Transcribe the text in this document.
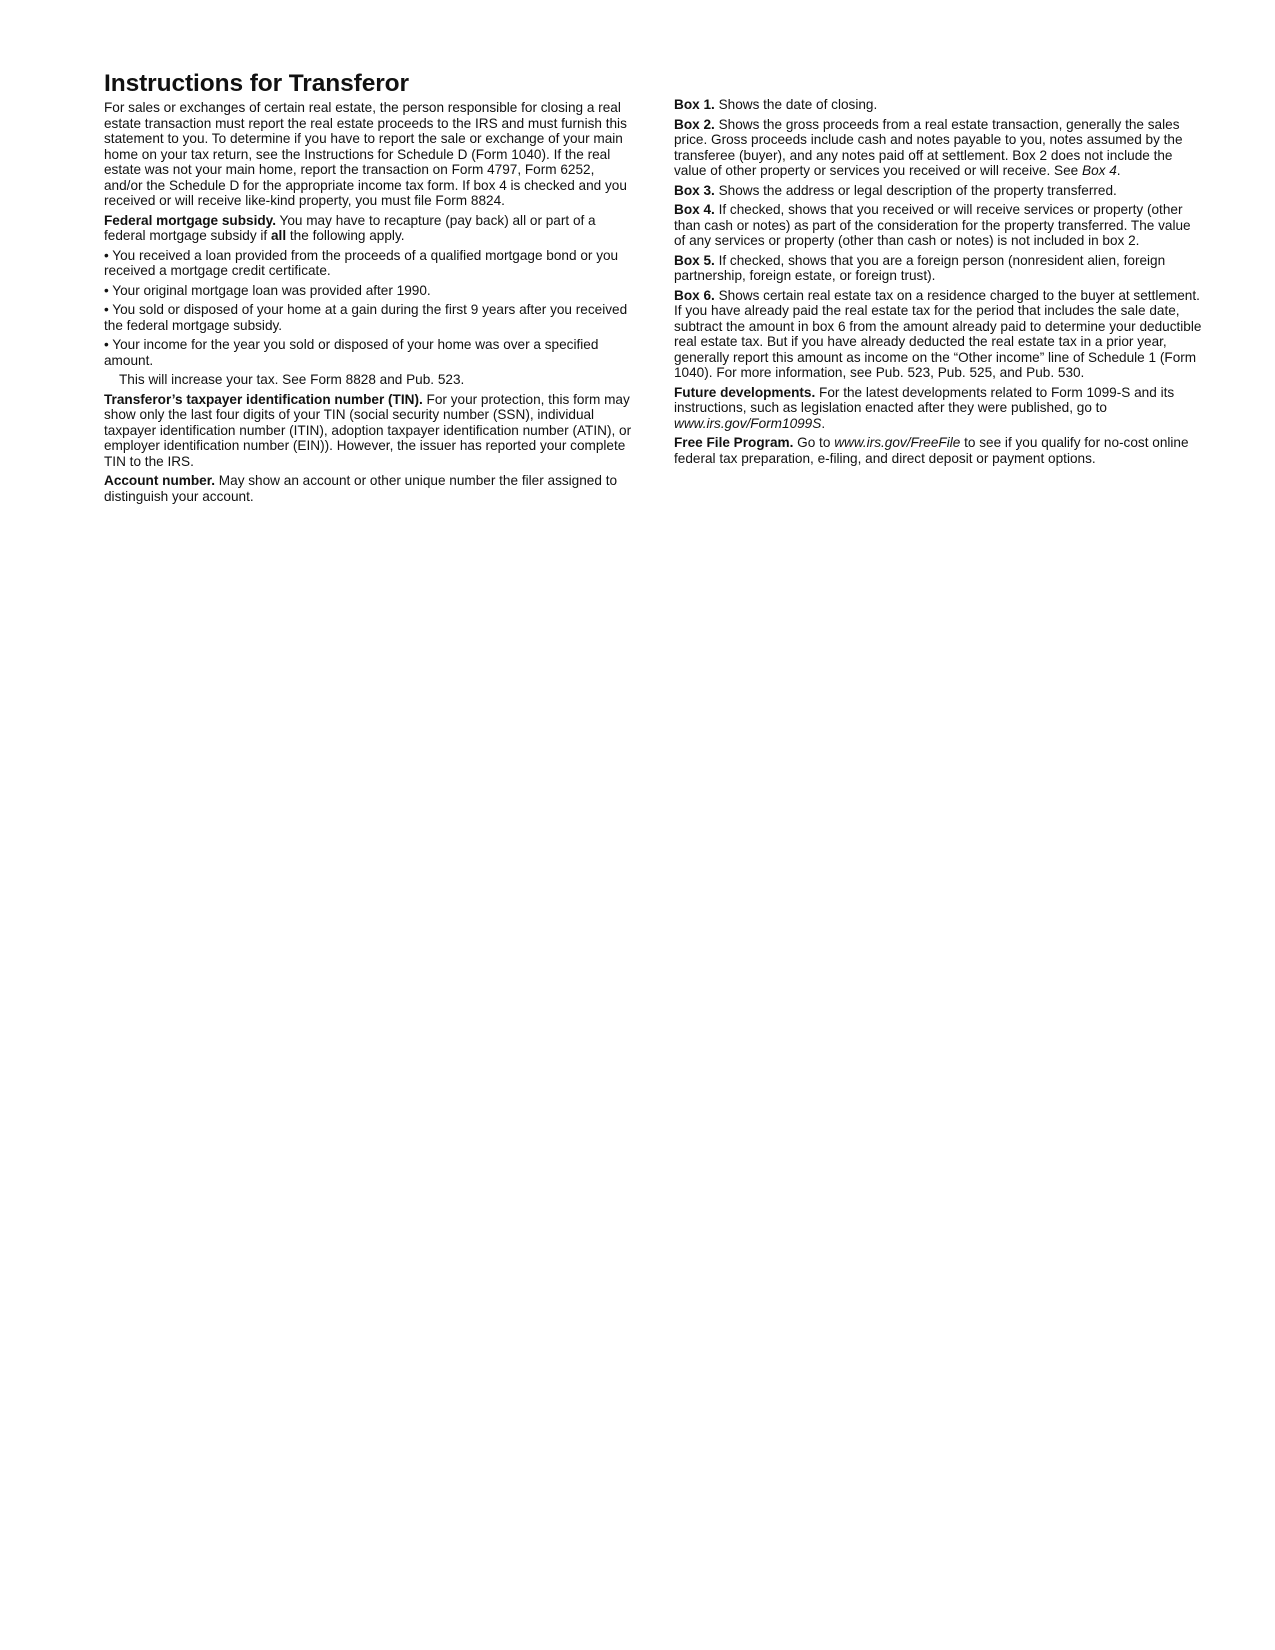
Instructions for Transferor

For sales or exchanges of certain real estate, the person responsible for closing a real estate transaction must report the real estate proceeds to the IRS and must furnish this statement to you. To determine if you have to report the sale or exchange of your main home on your tax return, see the Instructions for Schedule D (Form 1040). If the real estate was not your main home, report the transaction on Form 4797, Form 6252, and/or the Schedule D for the appropriate income tax form. If box 4 is checked and you received or will receive like-kind property, you must file Form 8824.

Federal mortgage subsidy. You may have to recapture (pay back) all or part of a federal mortgage subsidy if all the following apply.

• You received a loan provided from the proceeds of a qualified mortgage bond or you received a mortgage credit certificate.

• Your original mortgage loan was provided after 1990.

• You sold or disposed of your home at a gain during the first 9 years after you received the federal mortgage subsidy.

• Your income for the year you sold or disposed of your home was over a specified amount.

This will increase your tax. See Form 8828 and Pub. 523.

Transferor’s taxpayer identification number (TIN). For your protection, this form may show only the last four digits of your TIN (social security number (SSN), individual taxpayer identification number (ITIN), adoption taxpayer identification number (ATIN), or employer identification number (EIN)). However, the issuer has reported your complete TIN to the IRS.

Account number. May show an account or other unique number the filer assigned to distinguish your account.

Box 1. Shows the date of closing.

Box 2. Shows the gross proceeds from a real estate transaction, generally the sales price. Gross proceeds include cash and notes payable to you, notes assumed by the transferee (buyer), and any notes paid off at settlement. Box 2 does not include the value of other property or services you received or will receive. See Box 4.

Box 3. Shows the address or legal description of the property transferred.

Box 4. If checked, shows that you received or will receive services or property (other than cash or notes) as part of the consideration for the property transferred. The value of any services or property (other than cash or notes) is not included in box 2.

Box 5. If checked, shows that you are a foreign person (nonresident alien, foreign partnership, foreign estate, or foreign trust).

Box 6. Shows certain real estate tax on a residence charged to the buyer at settlement. If you have already paid the real estate tax for the period that includes the sale date, subtract the amount in box 6 from the amount already paid to determine your deductible real estate tax. But if you have already deducted the real estate tax in a prior year, generally report this amount as income on the “Other income” line of Schedule 1 (Form 1040). For more information, see Pub. 523, Pub. 525, and Pub. 530.

Future developments. For the latest developments related to Form 1099-S and its instructions, such as legislation enacted after they were published, go to www.irs.gov/Form1099S.

Free File Program. Go to www.irs.gov/FreeFile to see if you qualify for no-cost online federal tax preparation, e-filing, and direct deposit or payment options.
